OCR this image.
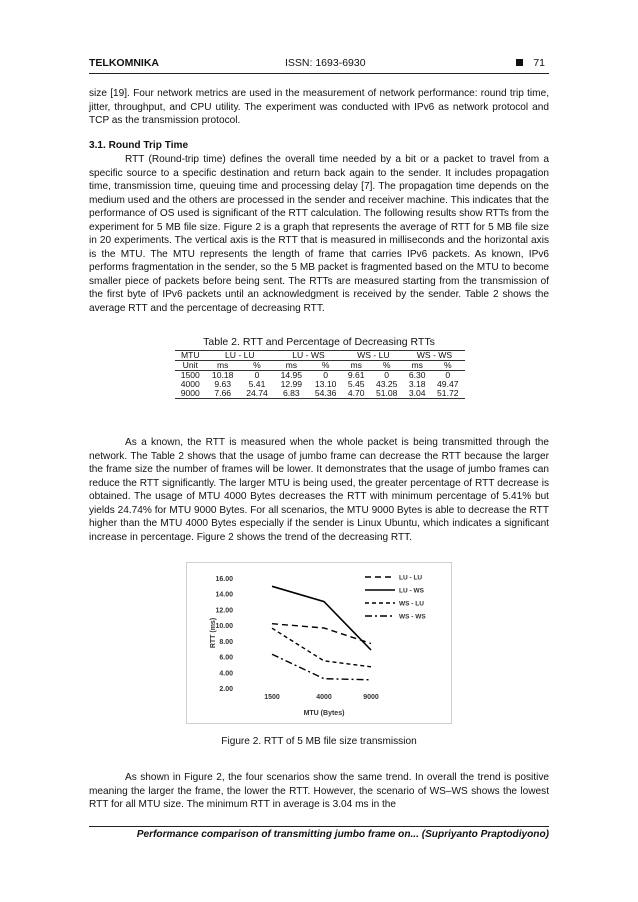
TELKOMNIKA	ISSN: 1693-6930	71

size [19]. Four network metrics are used in the measurement of network performance: round trip time, jitter, throughput, and CPU utility. The experiment was conducted with IPv6 as network protocol and TCP as the transmission protocol.

3.1. Round Trip Time

RTT (Round-trip time) defines the overall time needed by a bit or a packet to travel from a specific source to a specific destination and return back again to the sender. It includes propagation time, transmission time, queuing time and processing delay [7]. The propagation time depends on the medium used and the others are processed in the sender and receiver machine. This indicates that the performance of OS used is significant of the RTT calculation. The following results show RTTs from the experiment for 5 MB file size. Figure 2 is a graph that represents the average of RTT for 5 MB file size in 20 experiments. The vertical axis is the RTT that is measured in milliseconds and the horizontal axis is the MTU. The MTU represents the length of frame that carries IPv6 packets. As known, IPv6 performs fragmentation in the sender, so the 5 MB packet is fragmented based on the MTU to become smaller piece of packets before being sent. The RTTs are measured starting from the transmission of the first byte of IPv6 packets until an acknowledgment is received by the sender. Table 2 shows the average RTT and the percentage of decreasing RTT.

Table 2. RTT and Percentage of Decreasing RTTs
MTU	LU - LU		LU - WS		WS - LU		WS - WS	
Unit	ms	%	ms	%	ms	%	ms	%
1500	10.18	0	14.95	0	9.61	0	6.30	0
4000	9.63	5.41	12.99	13.10	5.45	43.25	3.18	49.47
9000	7.66	24.74	6.83	54.36	4.70	51.08	3.04	51.72

As a known, the RTT is measured when the whole packet is being transmitted through the network. The Table 2 shows that the usage of jumbo frame can decrease the RTT because the larger the frame size the number of frames will be lower. It demonstrates that the usage of jumbo frames can reduce the RTT significantly. The larger MTU is being used, the greater percentage of RTT decrease is obtained. The usage of MTU 4000 Bytes decreases the RTT with minimum percentage of 5.41% but yields 24.74% for MTU 9000 Bytes. For all scenarios, the MTU 9000 Bytes is able to decrease the RTT higher than the MTU 4000 Bytes especially if the sender is Linux Ubuntu, which indicates a significant increase in percentage. Figure 2 shows the trend of the decreasing RTT.

2.00
4.00
6.00
8.00
10.00
12.00
14.00
16.00
1500	4000	9000
MTU (Bytes)
RTT (ms)
LU - LU
LU - WS
WS - LU
WS - WS
Figure 2. RTT of 5 MB file size transmission

As shown in Figure 2, the four scenarios show the same trend. In overall the trend is positive meaning the larger the frame, the lower the RTT. However, the scenario of WS–WS shows the lowest RTT for all MTU size. The minimum RTT in average is 3.04 ms in the

Performance comparison of transmitting jumbo frame on... (Supriyanto Praptodiyono)
